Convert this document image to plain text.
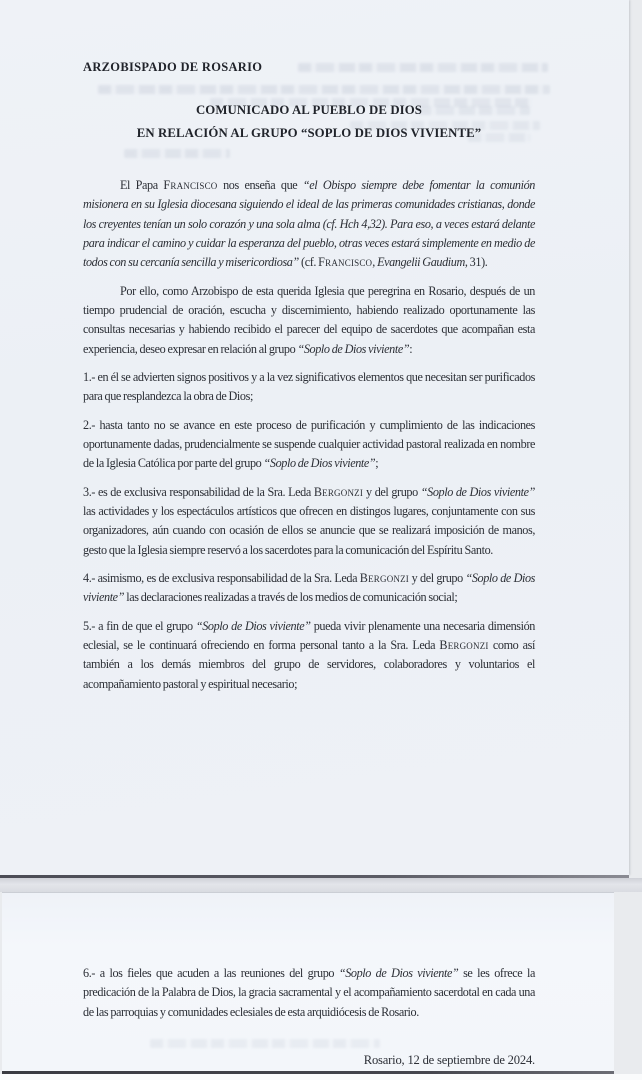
ARZOBISPADO DE ROSARIO
COMUNICADO AL PUEBLO DE DIOS
EN RELACIÓN AL GRUPO “SOPLO DE DIOS VIVIENTE”
El Papa Francisco nos enseña que “el Obispo siempre debe fomentar la comunión misionera en su Iglesia diocesana siguiendo el ideal de las primeras comunidades cristianas, donde los creyentes tenían un solo corazón y una sola alma (cf. Hch 4,32). Para eso, a veces estará delante para indicar el camino y cuidar la esperanza del pueblo, otras veces estará simplemente en medio de todos con su cercanía sencilla y misericordiosa” (cf. Francisco, Evangelii Gaudium, 31).
Por ello, como Arzobispo de esta querida Iglesia que peregrina en Rosario, después de un tiempo prudencial de oración, escucha y discernimiento, habiendo realizado oportunamente las consultas necesarias y habiendo recibido el parecer del equipo de sacerdotes que acompañan esta experiencia, deseo expresar en relación al grupo “Soplo de Dios viviente”:
1.- en él se advierten signos positivos y a la vez significativos elementos que necesitan ser purificados para que resplandezca la obra de Dios;
2.- hasta tanto no se avance en este proceso de purificación y cumplimiento de las indicaciones oportunamente dadas, prudencialmente se suspende cualquier actividad pastoral realizada en nombre de la Iglesia Católica por parte del grupo “Soplo de Dios viviente”;
3.- es de exclusiva responsabilidad de la Sra. Leda Bergonzi y del grupo “Soplo de Dios viviente” las actividades y los espectáculos artísticos que ofrecen en distingos lugares, conjuntamente con sus organizadores, aún cuando con ocasión de ellos se anuncie que se realizará imposición de manos, gesto que la Iglesia siempre reservó a los sacerdotes para la comunicación del Espíritu Santo.
4.- asimismo, es de exclusiva responsabilidad de la Sra. Leda Bergonzi y del grupo “Soplo de Dios viviente” las declaraciones realizadas a través de los medios de comunicación social;
5.- a fin de que el grupo “Soplo de Dios viviente” pueda vivir plenamente una necesaria dimensión eclesial, se le continuará ofreciendo en forma personal tanto a la Sra. Leda Bergonzi como así también a los demás miembros del grupo de servidores, colaboradores y voluntarios el acompañamiento pastoral y espiritual necesario;
6.- a los fieles que acuden a las reuniones del grupo “Soplo de Dios viviente” se les ofrece la predicación de la Palabra de Dios, la gracia sacramental y el acompañamiento sacerdotal en cada una de las parroquias y comunidades eclesiales de esta arquidiócesis de Rosario.
Rosario, 12 de septiembre de 2024.
